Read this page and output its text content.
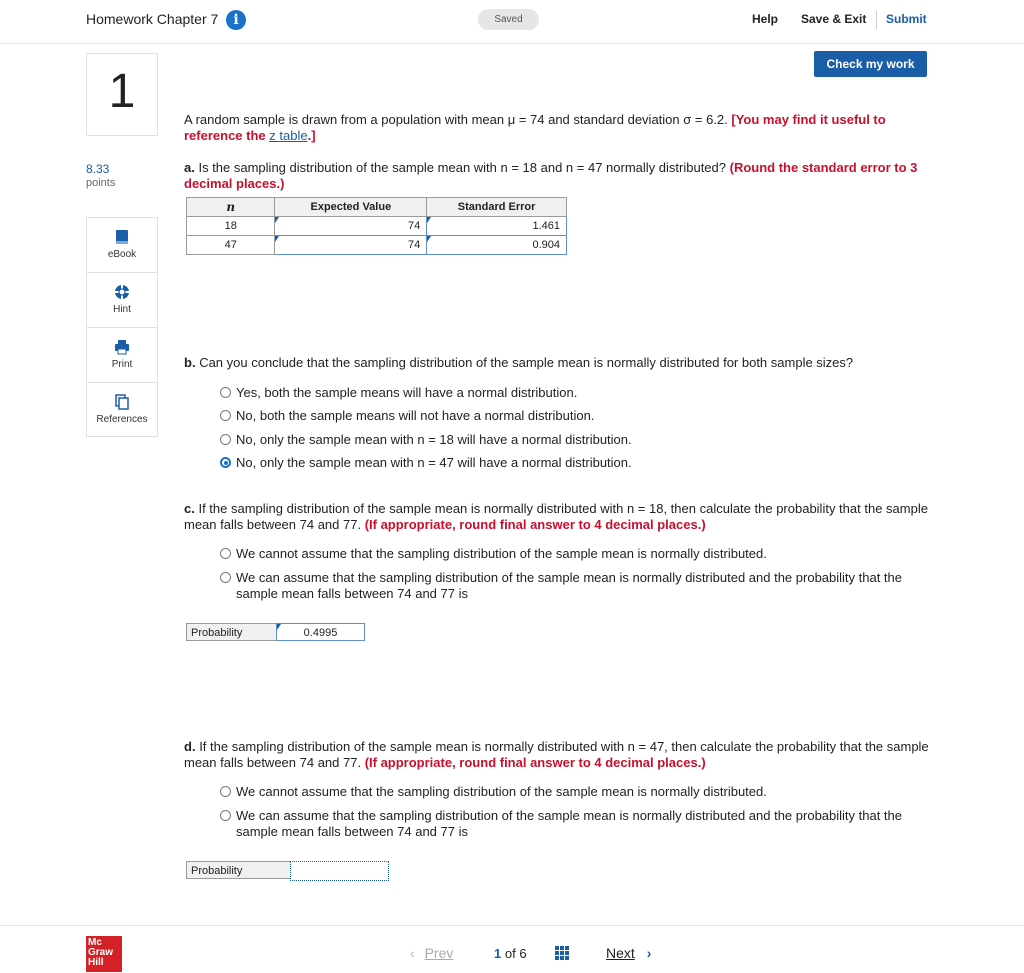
Homework Chapter 7	i	Saved	Help Save & Exit Submit
Check my work
1
8.33
points
eBook
Hint
Print
References
A random sample is drawn from a population with mean μ = 74 and standard deviation σ = 6.2. [You may find it useful to reference the z table.]
a. Is the sampling distribution of the sample mean with n = 18 and n = 47 normally distributed? (Round the standard error to 3 decimal places.)
n	Expected Value	Standard Error
18	74	1.461
47	74	0.904
b. Can you conclude that the sampling distribution of the sample mean is normally distributed for both sample sizes?
Yes, both the sample means will have a normal distribution.
No, both the sample means will not have a normal distribution.
No, only the sample mean with n = 18 will have a normal distribution.
No, only the sample mean with n = 47 will have a normal distribution.
c. If the sampling distribution of the sample mean is normally distributed with n = 18, then calculate the probability that the sample mean falls between 74 and 77. (If appropriate, round final answer to 4 decimal places.)
We cannot assume that the sampling distribution of the sample mean is normally distributed.
We can assume that the sampling distribution of the sample mean is normally distributed and the probability that the sample mean falls between 74 and 77 is
Probability	0.4995
d. If the sampling distribution of the sample mean is normally distributed with n = 47, then calculate the probability that the sample mean falls between 74 and 77. (If appropriate, round final answer to 4 decimal places.)
We cannot assume that the sampling distribution of the sample mean is normally distributed.
We can assume that the sampling distribution of the sample mean is normally distributed and the probability that the sample mean falls between 74 and 77 is
Probability
Mc
Graw
Hill
‹ Prev	1 of 6	Next ›
